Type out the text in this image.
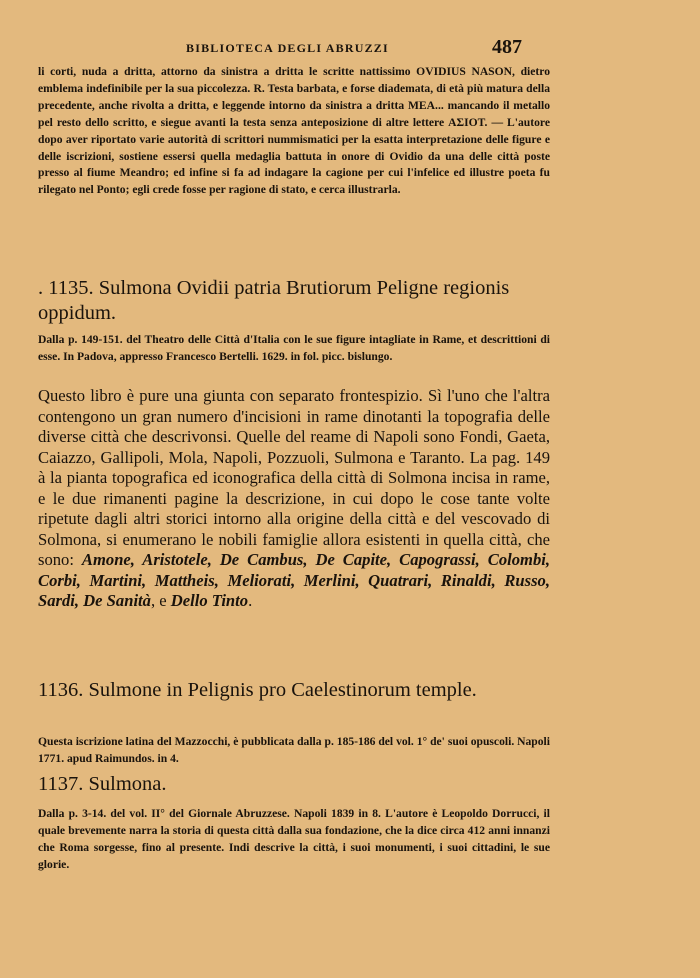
BIBLIOTECA DEGLI ABRUZZI	487

li corti, nuda a dritta, attorno da sinistra a dritta le scritte nattissimo OVIDIUS NASON, dietro emblema indefinibile per la sua piccolezza. R. Testa barbata, e forse diademata, di età più matura della precedente, anche rivolta a dritta, e leggende intorno da sinistra a dritta MEA... mancando il metallo pel resto dello scritto, e siegue avanti la testa senza anteposizione di altre lettere ΑΣΙΟΤ. — L'autore dopo aver riportato varie autorità di scrittori nummismatici per la esatta interpretazione delle figure e delle iscrizioni, sostiene essersi quella medaglia battuta in onore di Ovidio da una delle città poste presso al fiume Meandro; ed infine si fa ad indagare la cagione per cui l'infelice ed illustre poeta fu rilegato nel Ponto; egli crede fosse per ragione di stato, e cerca illustrarla.

. 1135. Sulmona Ovidii patria Brutiorum Peligne regionis oppidum.

Dalla p. 149-151. del Theatro delle Città d'Italia con le sue figure intagliate in Rame, et descrittioni di esse. In Padova, appresso Francesco Bertelli. 1629. in fol. picc. bislungo.

Questo libro è pure una giunta con separato frontespizio. Sì l'uno che l'altra contengono un gran numero d'incisioni in rame dinotanti la topografia delle diverse città che descrivonsi. Quelle del reame di Napoli sono Fondi, Gaeta, Caiazzo, Gallipoli, Mola, Napoli, Pozzuoli, Sulmona e Taranto. La pag. 149 à la pianta topografica ed iconografica della città di Solmona incisa in rame, e le due rimanenti pagine la descrizione, in cui dopo le cose tante volte ripetute dagli altri storici intorno alla origine della città e del vescovado di Solmona, si enumerano le nobili famiglie allora esistenti in quella città, che sono: Amone, Aristotele, De Cambus, De Capite, Capograssi, Colombi, Corbi, Martini, Mattheis, Meliorati, Merlini, Quatrari, Rinaldi, Russo, Sardi, De Sanità, e Dello Tinto.

1136. Sulmone in Pelignis pro Caelestinorum temple.

Questa iscrizione latina del Mazzocchi, è pubblicata dalla p. 185-186 del vol. 1° de' suoi opuscoli. Napoli 1771. apud Raimundos. in 4.

1137. Sulmona.

Dalla p. 3-14. del vol. II° del Giornale Abruzzese. Napoli 1839 in 8. L'autore è Leopoldo Dorrucci, il quale brevemente narra la storia di questa città dalla sua fondazione, che la dice circa 412 anni innanzi che Roma sorgesse, fino al presente. Indi descrive la città, i suoi monumenti, i suoi cittadini, le sue glorie.
